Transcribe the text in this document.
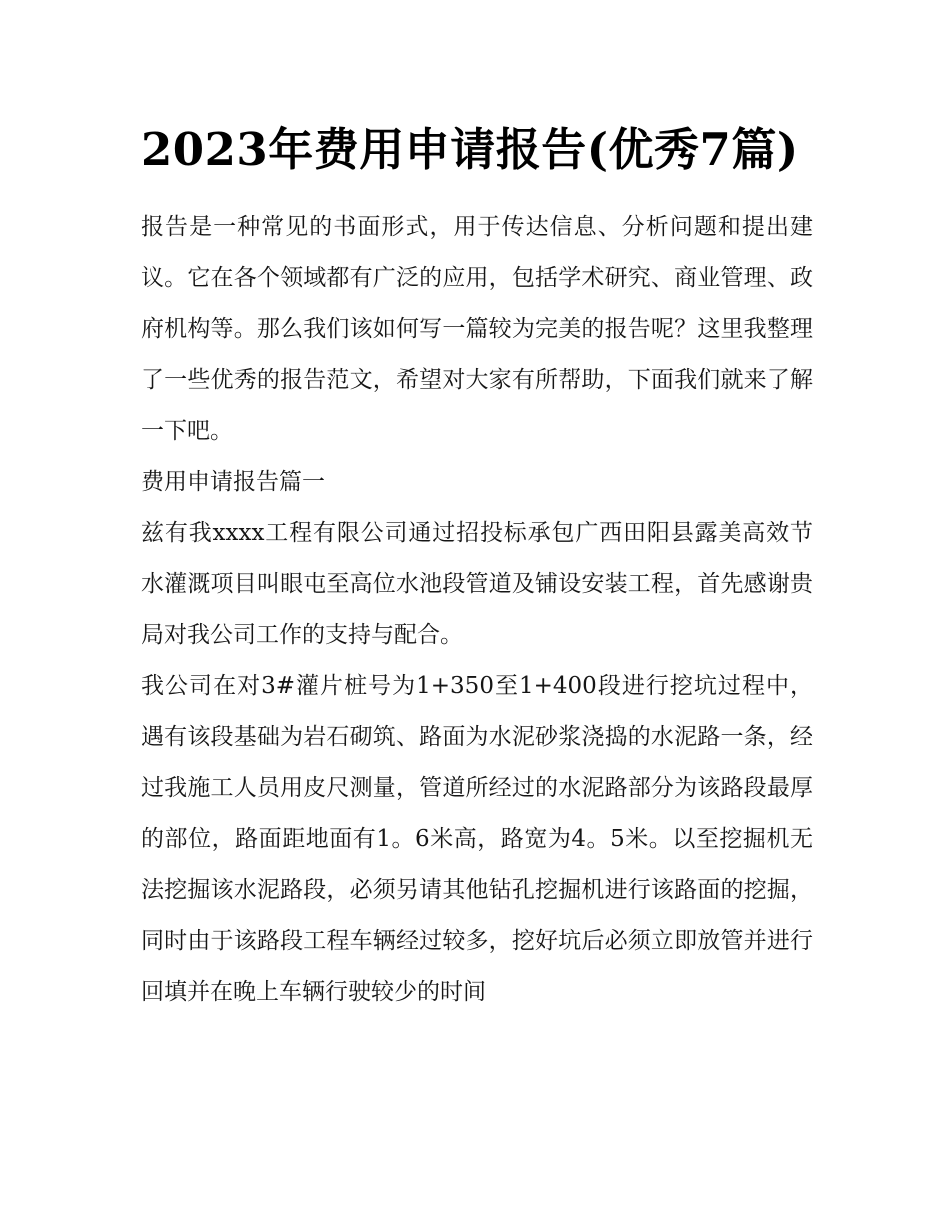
2023年费用申请报告(优秀7篇)

报告是一种常见的书面形式，用于传达信息、分析问题和提出建议。它在各个领域都有广泛的应用，包括学术研究、商业管理、政府机构等。那么我们该如何写一篇较为完美的报告呢？这里我整理了一些优秀的报告范文，希望对大家有所帮助，下面我们就来了解一下吧。

费用申请报告篇一

兹有我xxxx工程有限公司通过招投标承包广西田阳县露美高效节水灌溉项目叫眼屯至高位水池段管道及铺设安装工程，首先感谢贵局对我公司工作的支持与配合。

我公司在对3#灌片桩号为1+350至1+400段进行挖坑过程中，遇有该段基础为岩石砌筑、路面为水泥砂浆浇捣的水泥路一条，经过我施工人员用皮尺测量，管道所经过的水泥路部分为该路段最厚的部位，路面距地面有1。6米高，路宽为4。5米。以至挖掘机无法挖掘该水泥路段，必须另请其他钻孔挖掘机进行该路面的挖掘，同时由于该路段工程车辆经过较多，挖好坑后必须立即放管并进行回填并在晚上车辆行驶较少的时间
